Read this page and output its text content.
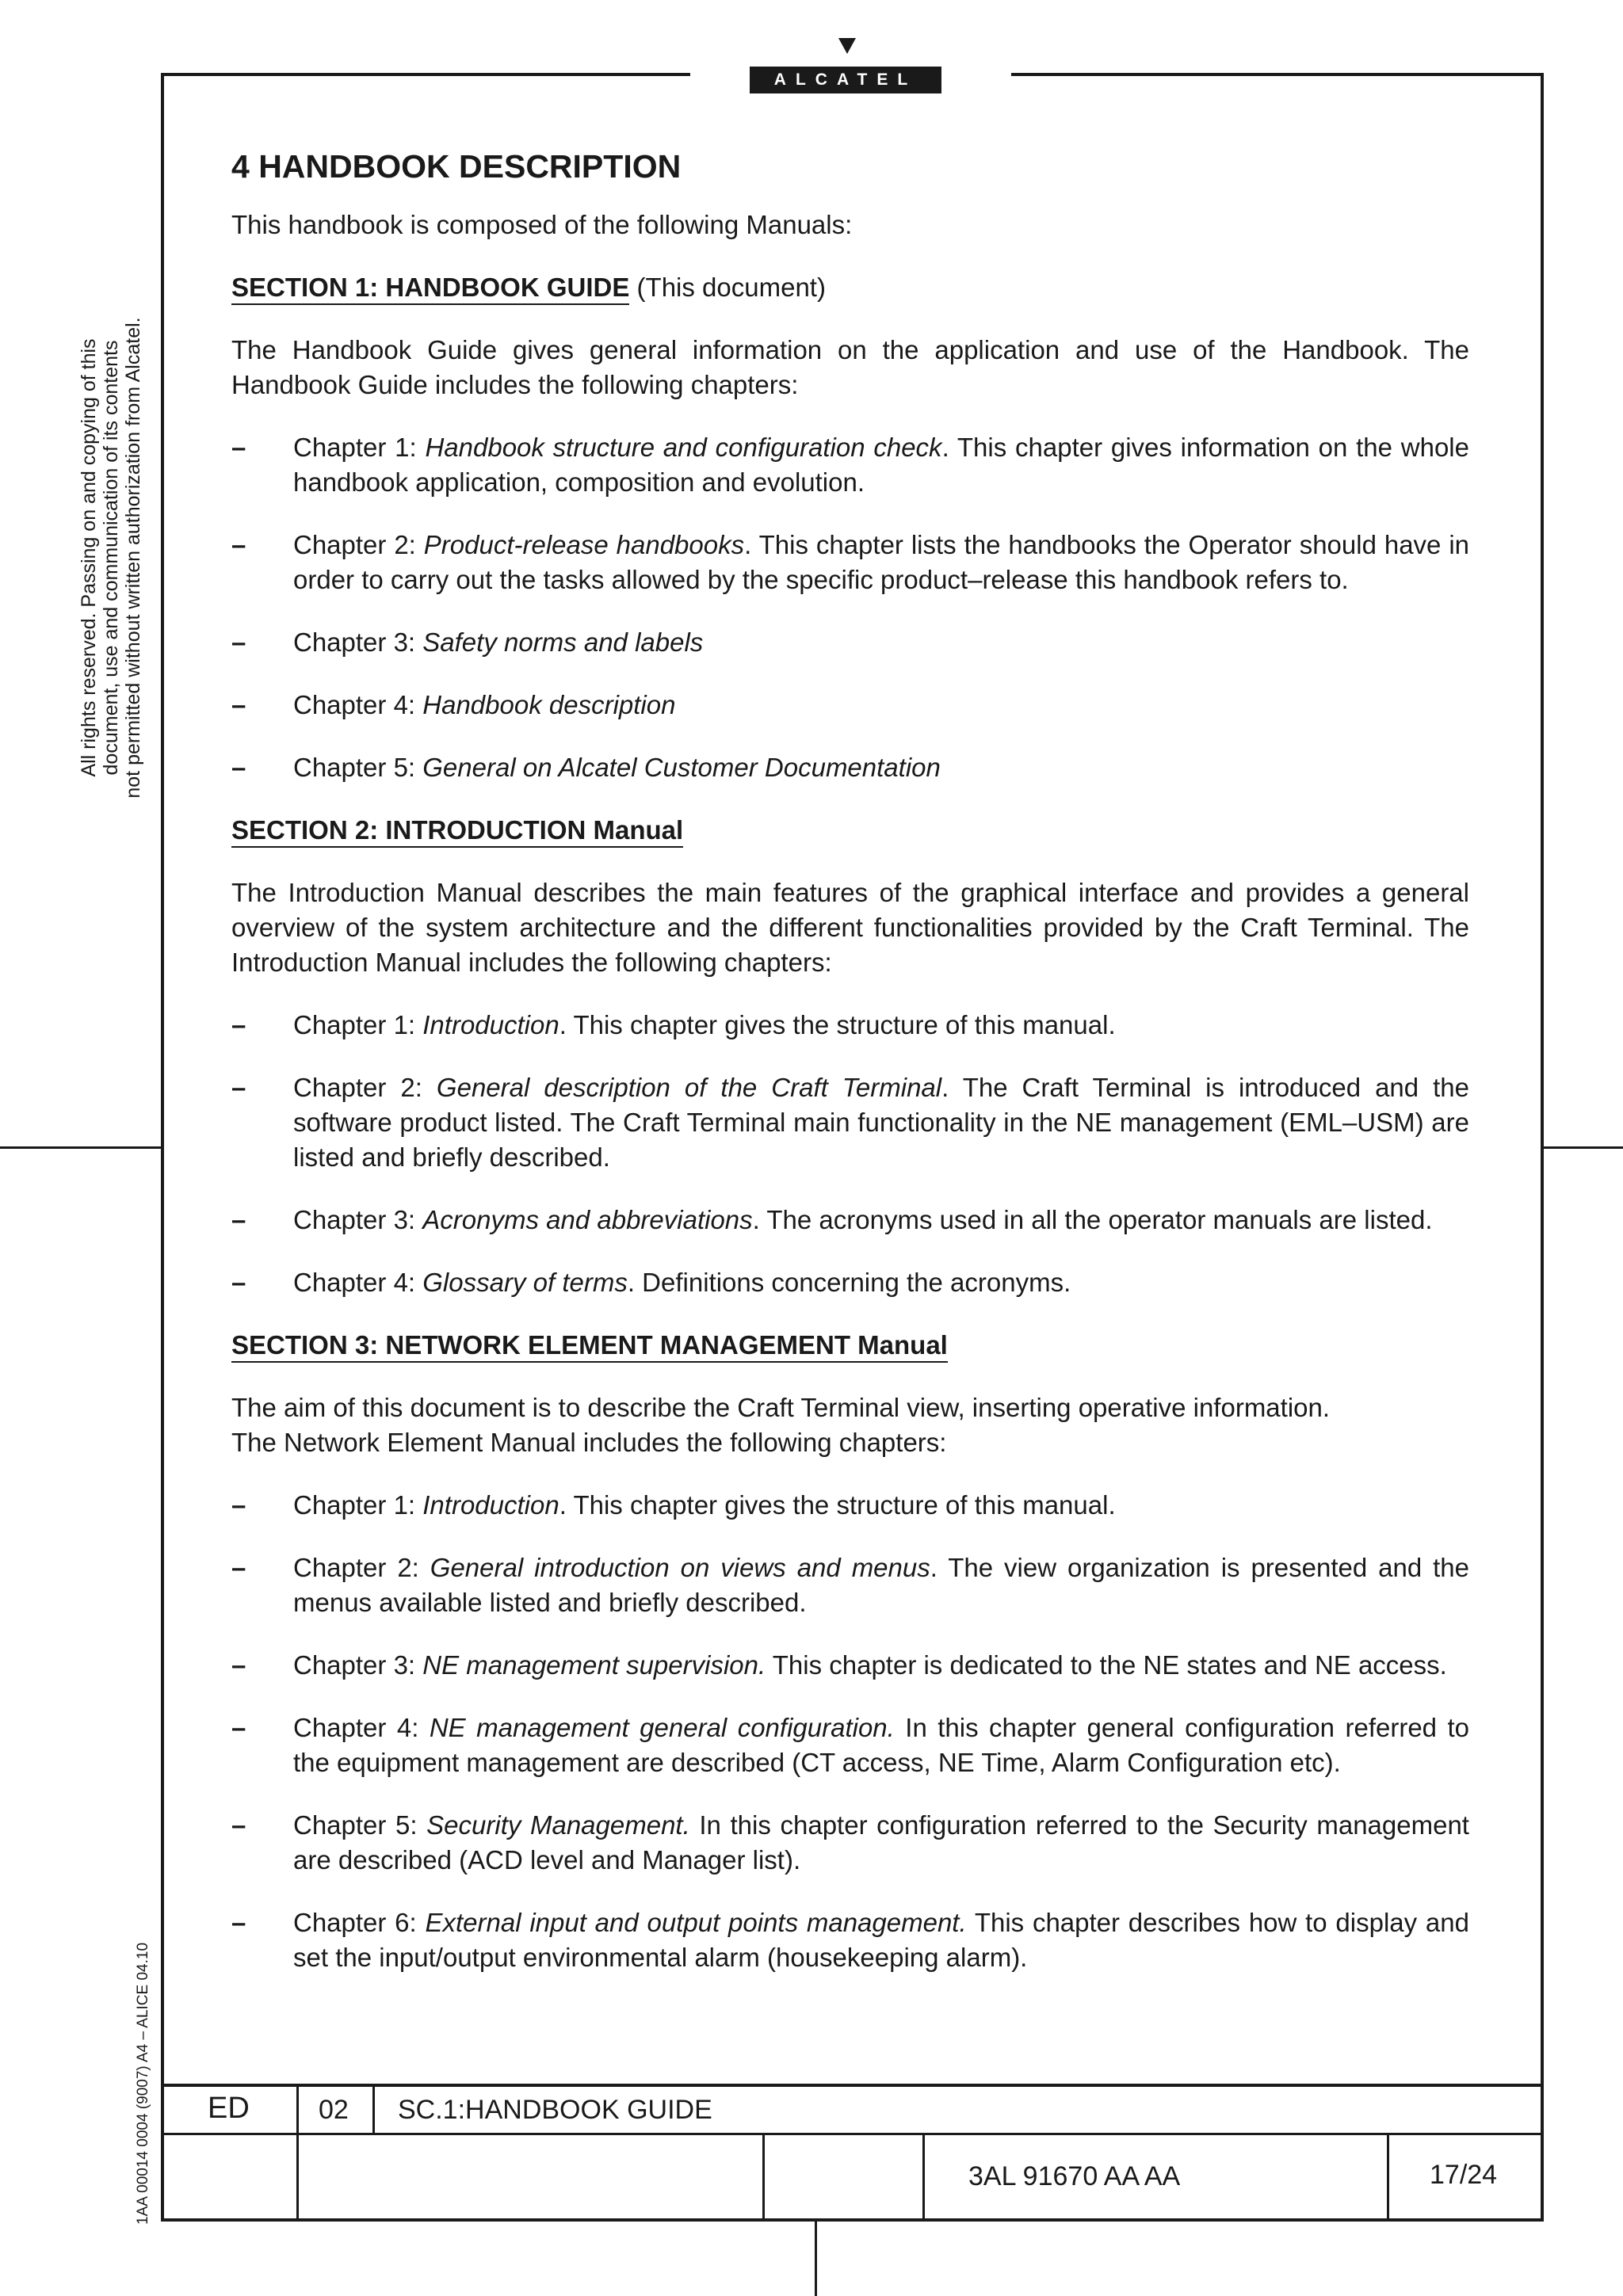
ALCATEL
All rights reserved. Passing on and copying of this document, use and communication of its contents not permitted without written authorization from Alcatel.
1AA 00014 0004 (9007) A4 – ALICE 04.10
4 HANDBOOK DESCRIPTION

This handbook is composed of the following Manuals:

SECTION 1: HANDBOOK GUIDE (This document)

The Handbook Guide gives general information on the application and use of the Handbook. The Handbook Guide includes the following chapters:

– Chapter 1: Handbook structure and configuration check. This chapter gives information on the whole handbook application, composition and evolution.
– Chapter 2: Product-release handbooks. This chapter lists the handbooks the Operator should have in order to carry out the tasks allowed by the specific product–release this handbook refers to.
– Chapter 3: Safety norms and labels
– Chapter 4: Handbook description
– Chapter 5: General on Alcatel Customer Documentation
SECTION 2: INTRODUCTION Manual

The Introduction Manual describes the main features of the graphical interface and provides a general overview of the system architecture and the different functionalities provided by the Craft Terminal. The Introduction Manual includes the following chapters:

– Chapter 1: Introduction. This chapter gives the structure of this manual.
– Chapter 2: General description of the Craft Terminal. The Craft Terminal is introduced and the software product listed. The Craft Terminal main functionality in the NE management (EML–USM) are listed and briefly described.
– Chapter 3: Acronyms and abbreviations. The acronyms used in all the operator manuals are listed.
– Chapter 4: Glossary of terms. Definitions concerning the acronyms.
SECTION 3: NETWORK ELEMENT MANAGEMENT Manual

The aim of this document is to describe the Craft Terminal view, inserting operative information.
The Network Element Manual includes the following chapters:

– Chapter 1: Introduction. This chapter gives the structure of this manual.
– Chapter 2: General introduction on views and menus. The view organization is presented and the menus available listed and briefly described.
– Chapter 3: NE management supervision. This chapter is dedicated to the NE states and NE access.
– Chapter 4: NE management general configuration. In this chapter general configuration referred to the equipment management are described (CT access, NE Time, Alarm Configuration etc).
– Chapter 5: Security Management. In this chapter configuration referred to the Security management are described (ACD level and Manager list).
– Chapter 6: External input and output points management. This chapter describes how to display and set the input/output environmental alarm (housekeeping alarm).
ED	02 SC.1:HANDBOOK GUIDE
3AL 91670 AA AA	17/24
